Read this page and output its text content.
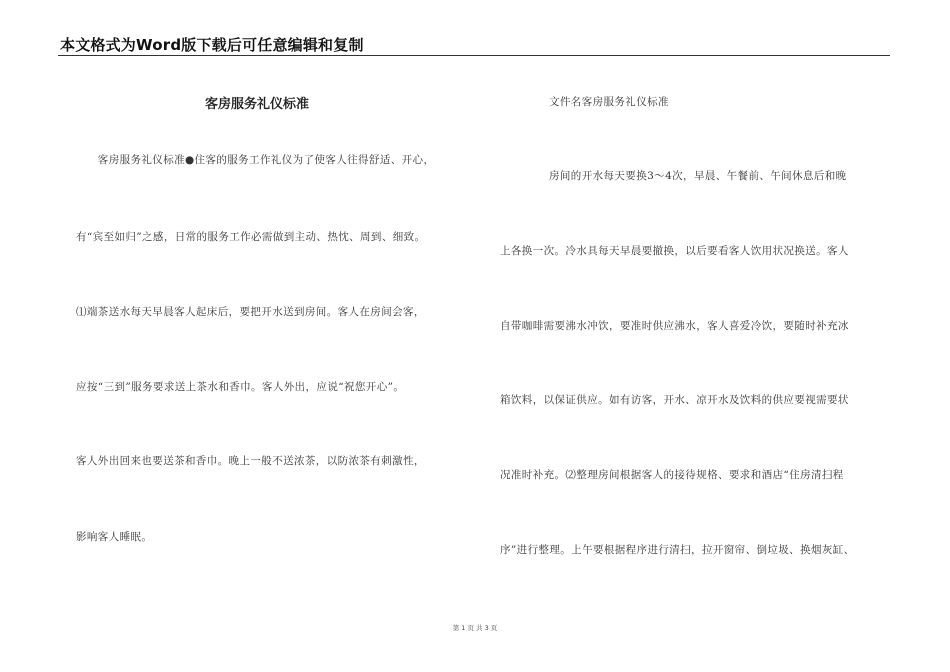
本文格式为Word版下载后可任意编辑和复制
客房服务礼仪标准
　　客房服务礼仪标准●住客的服务工作礼仪为了使客人往得舒适、开心，
有“宾至如归”之感，日常的服务工作必需做到主动、热忱、周到、细致。
⑴端茶送水每天早晨客人起床后，要把开水送到房间。客人在房间会客，
应按“三到”服务要求送上茶水和香巾。客人外出，应说“祝您开心”。
客人外出回来也要送茶和香巾。晚上一般不送浓茶，以防浓茶有刺激性，
影响客人睡眠。
文件名客房服务礼仪标准
房间的开水每天要换3～4次，早晨、午餐前、午间休息后和晚
上各换一次。冷水具每天早晨要撤换，以后要看客人饮用状况换送。客人
自带咖啡需要沸水冲饮，要准时供应沸水，客人喜爱冷饮，要随时补充冰
箱饮料，以保证供应。如有访客，开水、凉开水及饮料的供应要视需要状
况准时补充。⑵整理房间根据客人的接待规格、要求和酒店“住房清扫程
序”进行整理。上午要根据程序进行清扫，拉开窗帘、倒垃圾、换烟灰缸、
第 1 页 共 3 页
